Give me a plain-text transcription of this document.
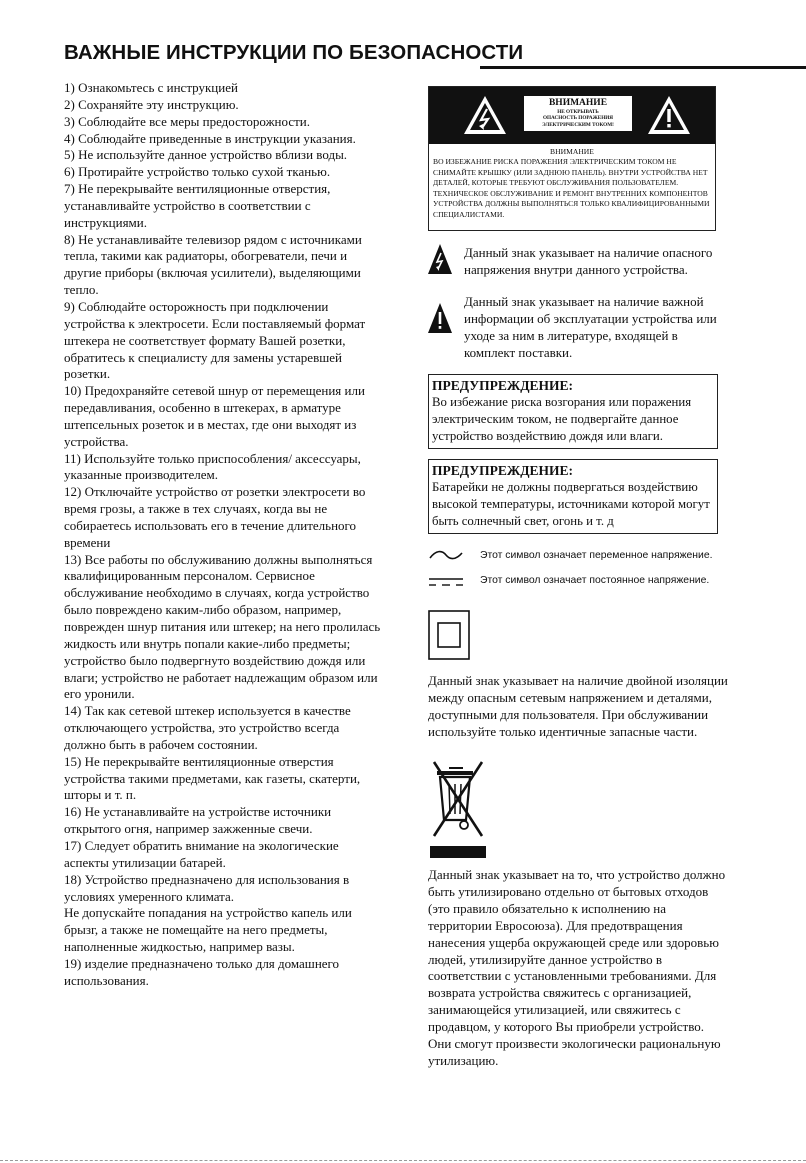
ВАЖНЫЕ ИНСТРУКЦИИ ПО БЕЗОПАСНОСТИ

1) Ознакомьтесь с инструкцией

2) Сохраняйте эту инструкцию.

3) Соблюдайте все меры предосторожности.

4) Соблюдайте приведенные в инструкции указания.

5) Не используйте данное устройство вблизи воды.

6) Протирайте устройство только сухой тканью.

7) Не перекрывайте вентиляционные отверстия, устанавливайте устройство в соответствии с инструкциями.

8) Не устанавливайте телевизор рядом с источниками тепла, такими как радиаторы, обогреватели, печи и другие приборы (включая усилители), выделяющими тепло.

9) Соблюдайте осторожность при подключении устройства к электросети. Если поставляемый формат штекера не соответствует формату Вашей розетки, обратитесь к специалисту для замены устаревшей розетки.

10) Предохраняйте сетевой шнур от перемещения или передавливания, особенно в штекерах, в арматуре штепсельных розеток и в местах, где они выходят из устройства.

11) Используйте только приспособления/ аксессуары, указанные производителем.

12) Отключайте устройство от розетки электросети во время грозы, а также в тех случаях, когда вы не собираетесь использовать его в течение длительного времени

13) Все работы по обслуживанию должны выполняться квалифицированным персоналом. Сервисное обслуживание необходимо в случаях, когда устройство было повреждено каким-либо образом, например, поврежден шнур питания или штекер; на него пролилась жидкость или внутрь попали какие-либо предметы; устройство было подвергнуто воздействию дождя или влаги; устройство не работает надлежащим образом или его уронили.

14) Так как сетевой штекер используется в качестве отключающего устройства, это устройство всегда должно быть в рабочем состоянии.

15) Не перекрывайте вентиляционные отверстия устройства такими предметами, как газеты, скатерти, шторы и т. п.

16) Не устанавливайте на устройстве источники открытого огня, например зажженные свечи.

17) Следует обратить внимание на экологические аспекты утилизации батарей.

18) Устройство предназначено для использования в условиях умеренного климата.

Не допускайте попадания на устройство капель или брызг, а также не помещайте на него предметы, наполненные жидкостью, например вазы.

19) изделие предназначено только для домашнего использования.

ВНИМАНИЕ
НЕ ОТКРЫВАТЬ
ОПАСНОСТЬ ПОРАЖЕНИЯ
ЭЛЕКТРИЧЕСКИМ ТОКОМ!
ВНИМАНИЕ
ВО ИЗБЕЖАНИЕ РИСКА ПОРАЖЕНИЯ ЭЛЕКТРИЧЕСКИМ ТОКОМ НЕ СНИМАЙТЕ КРЫШКУ (ИЛИ ЗАДНЮЮ ПАНЕЛЬ). ВНУТРИ УСТРОЙСТВА НЕТ ДЕТАЛЕЙ, КОТОРЫЕ ТРЕБУЮТ ОБСЛУЖИВАНИЯ ПОЛЬЗОВАТЕЛЕМ. ТЕХНИЧЕСКОЕ ОБСЛУЖИВАНИЕ И РЕМОНТ ВНУТРЕННИХ КОМПОНЕНТОВ УСТРОЙСТВА ДОЛЖНЫ ВЫПОЛНЯТЬСЯ ТОЛЬКО КВАЛИФИЦИРОВАННЫМИ СПЕЦИАЛИСТАМИ.
Данный знак указывает на наличие опасного напряжения внутри данного устройства.
Данный знак указывает на наличие важной информации об эксплуатации устройства или уходе за ним в литературе, входящей в комплект поставки.
ПРЕДУПРЕЖДЕНИЕ:
Во избежание риска возгорания или поражения электрическим током, не подвергайте данное устройство воздействию дождя или влаги.
ПРЕДУПРЕЖДЕНИЕ:
Батарейки не должны подвергаться воздействию высокой температуры, источниками которой могут быть солнечный свет, огонь и т. д
Этот символ означает переменное напряжение.
Этот символ означает постоянное напряжение.

Данный знак указывает на наличие двойной изоляции между опасным сетевым напряжением и деталями, доступными для пользователя. При обслуживании используйте только идентичные запасные части.

Данный знак указывает на то, что устройство должно быть утилизировано отдельно от бытовых отходов (это правило обязательно к исполнению на территории Евросоюза). Для предотвращения нанесения ущерба окружающей среде или здоровью людей, утилизируйте данное устройство в соответствии с установленными требованиями. Для возврата устройства свяжитесь с организацией, занимающейся утилизацией, или свяжитесь с продавцом, у которого Вы приобрели устройство. Они смогут произвести экологически рациональную утилизацию.
